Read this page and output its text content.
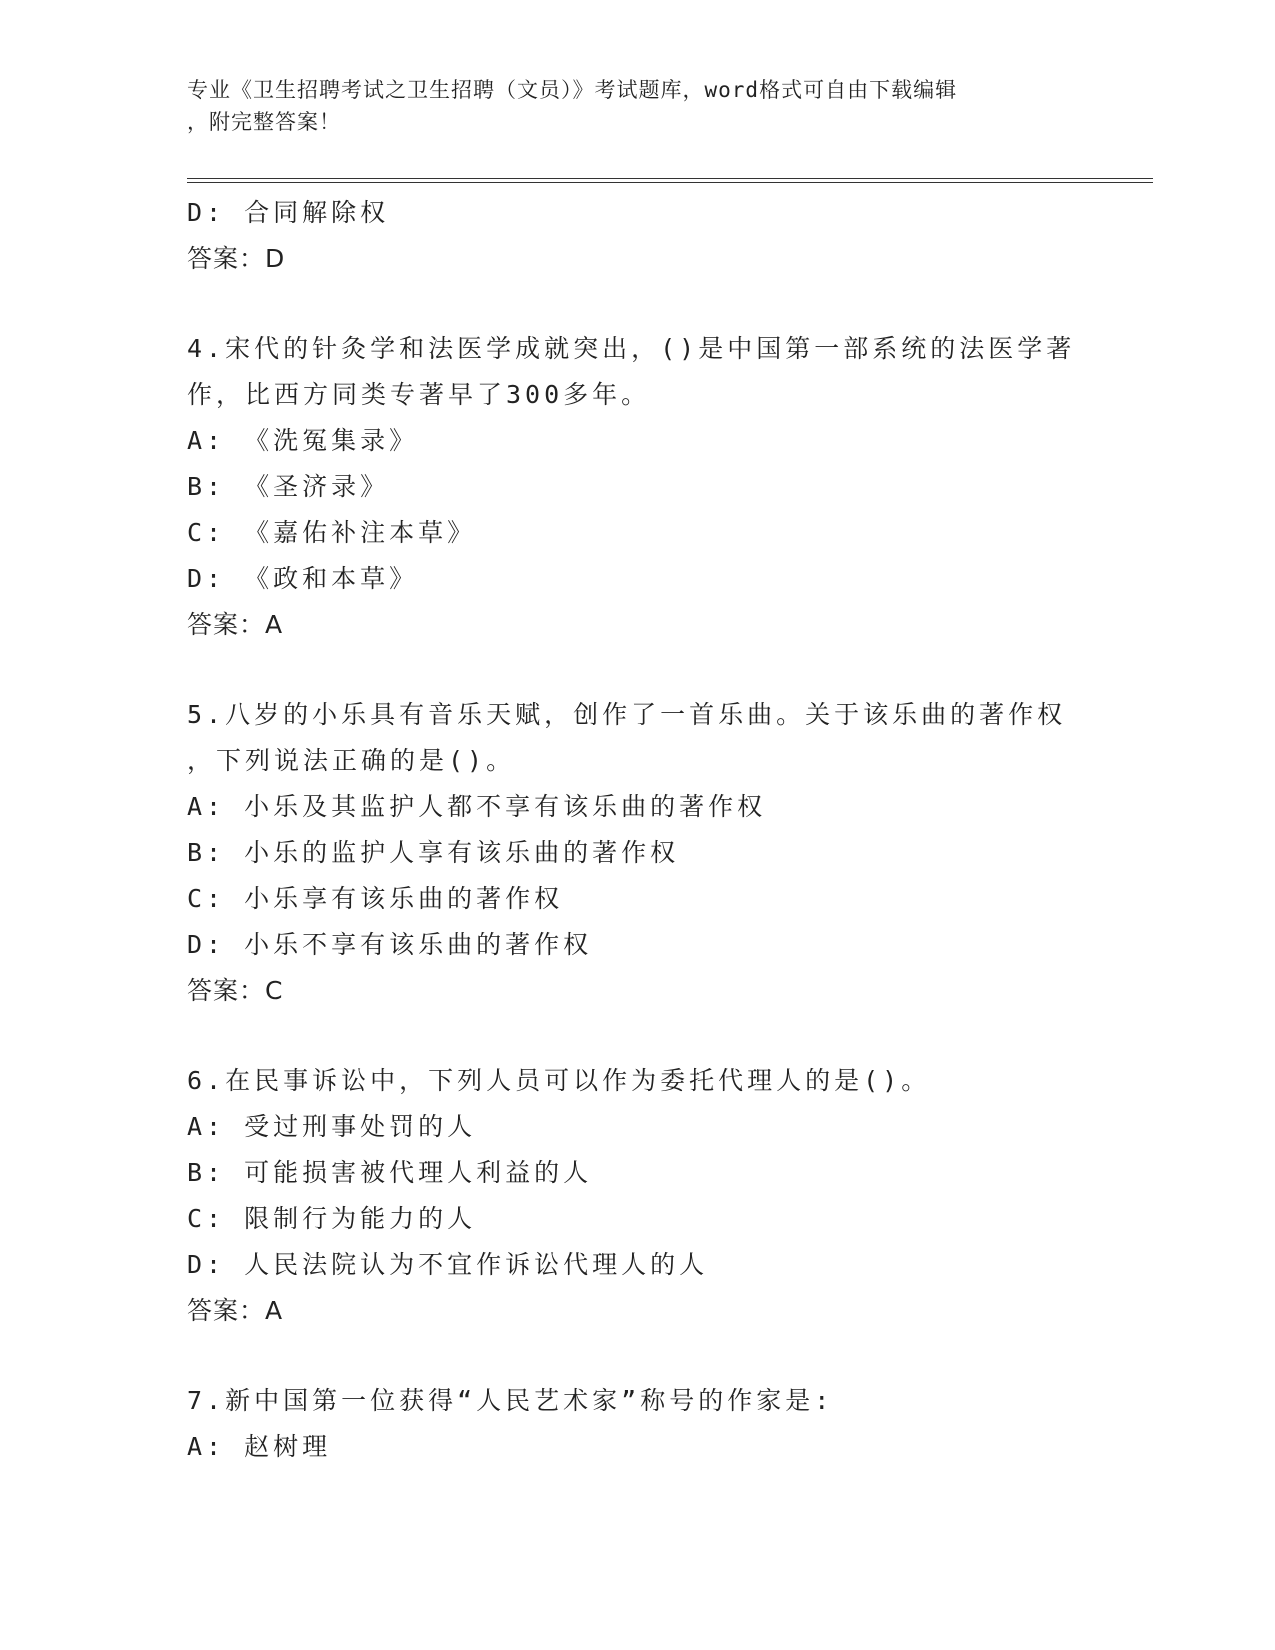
专业《卫生招聘考试之卫生招聘（文员）》考试题库，word格式可自由下载编辑
，附完整答案！
D: 合同解除权
答案：D
4.宋代的针灸学和法医学成就突出，()是中国第一部系统的法医学著
作，比西方同类专著早了300多年。
A: 《洗冤集录》
B: 《圣济录》
C: 《嘉佑补注本草》
D: 《政和本草》
答案：A
5.八岁的小乐具有音乐天赋，创作了一首乐曲。关于该乐曲的著作权
，下列说法正确的是()。
A: 小乐及其监护人都不享有该乐曲的著作权
B: 小乐的监护人享有该乐曲的著作权
C: 小乐享有该乐曲的著作权
D: 小乐不享有该乐曲的著作权
答案：C
6.在民事诉讼中，下列人员可以作为委托代理人的是()。
A: 受过刑事处罚的人
B: 可能损害被代理人利益的人
C: 限制行为能力的人
D: 人民法院认为不宜作诉讼代理人的人
答案：A
7.新中国第一位获得“人民艺术家”称号的作家是:
A: 赵树理
